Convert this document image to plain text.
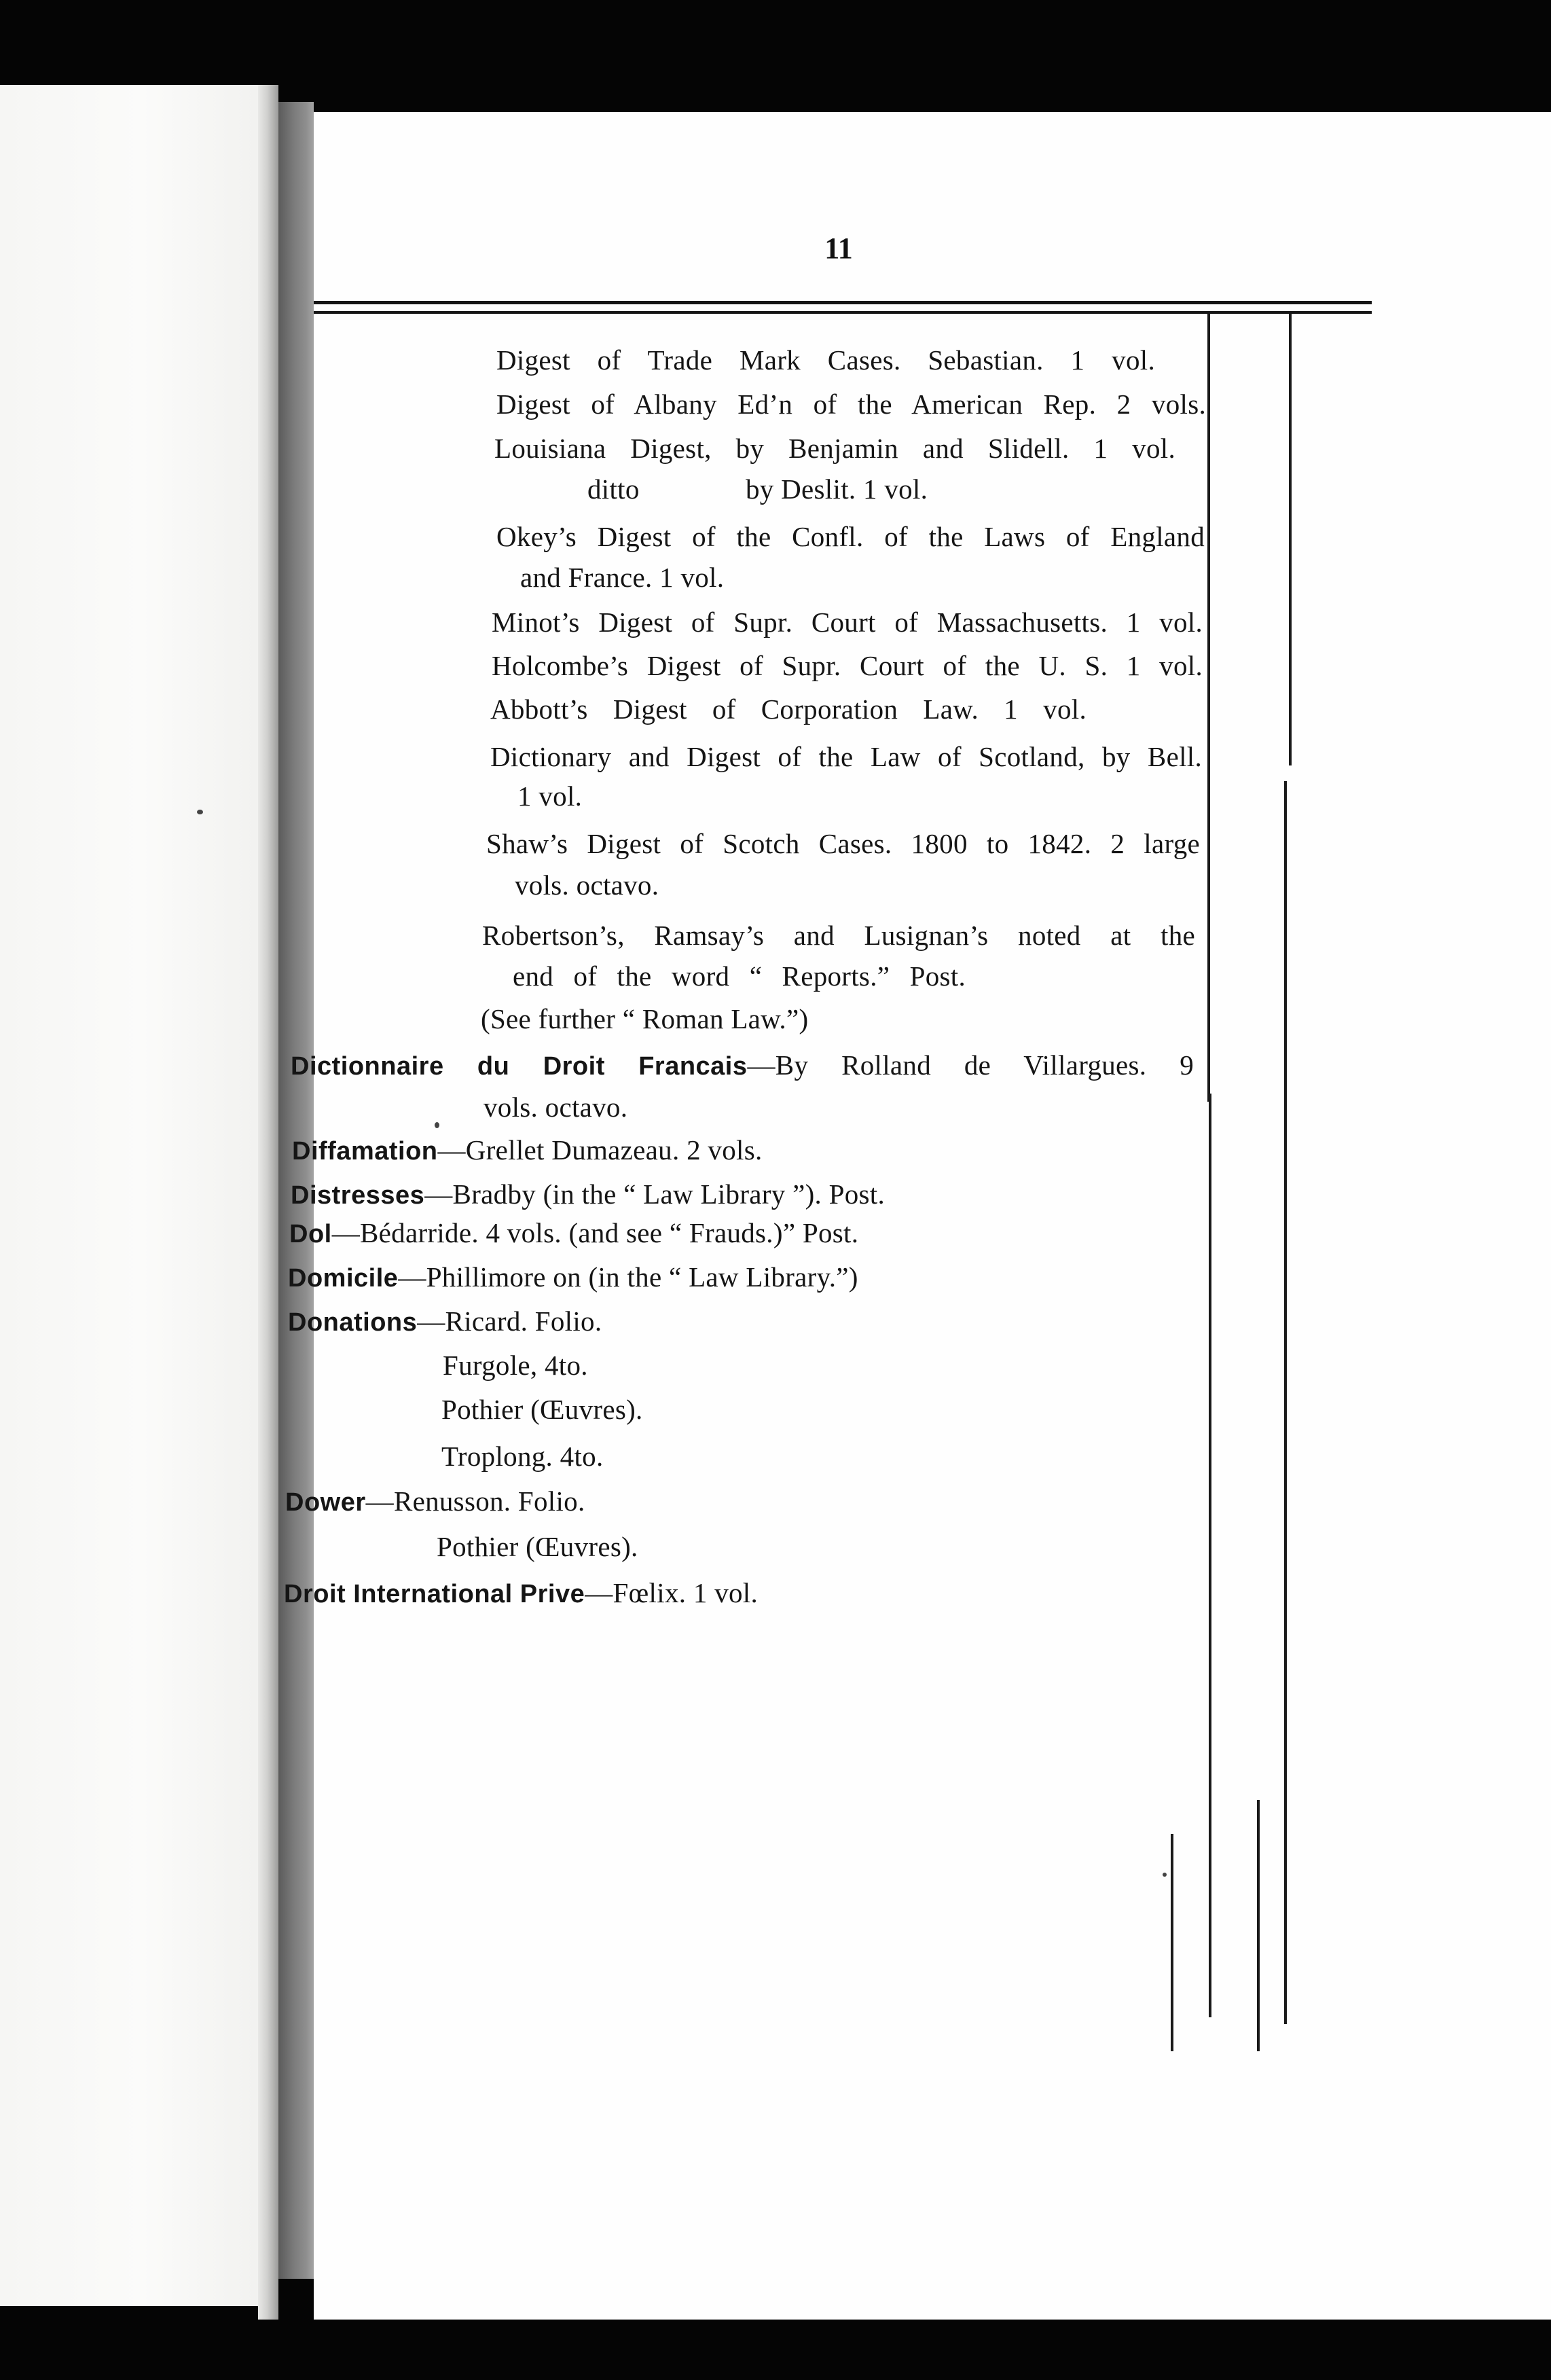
11
Digest of Trade Mark Cases. Sebastian. 1 vol.
Digest of Albany Ed’n of the American Rep. 2 vols.
Louisiana Digest, by Benjamin and Slidell. 1 vol.
ditto	by Deslit. 1 vol.
Okey’s Digest of the Confl. of the Laws of England
and France. 1 vol.
Minot’s Digest of Supr. Court of Massachusetts. 1 vol.
Holcombe’s Digest of Supr. Court of the U. S. 1 vol.
Abbott’s Digest of Corporation Law. 1 vol.
Dictionary and Digest of the Law of Scotland, by Bell.
1 vol.
Shaw’s Digest of Scotch Cases. 1800 to 1842. 2 large
vols. octavo.
Robertson’s, Ramsay’s and Lusignan’s noted at the
end of the word “ Reports.” Post.
(See further “ Roman Law.”)
Dictionnaire du Droit Francais—By Rolland de Villargues. 9
vols. octavo.
Diffamation—Grellet Dumazeau. 2 vols.
Distresses—Bradby (in the “ Law Library ”). Post.
Dol—Bédarride. 4 vols. (and see “ Frauds.)” Post.
Domicile—Phillimore on (in the “ Law Library.”)
Donations—Ricard. Folio.
Furgole, 4to.
Pothier (Œuvres).
Troplong. 4to.
Dower—Renusson. Folio.
Pothier (Œuvres).
Droit International Prive—Fœlix. 1 vol.
